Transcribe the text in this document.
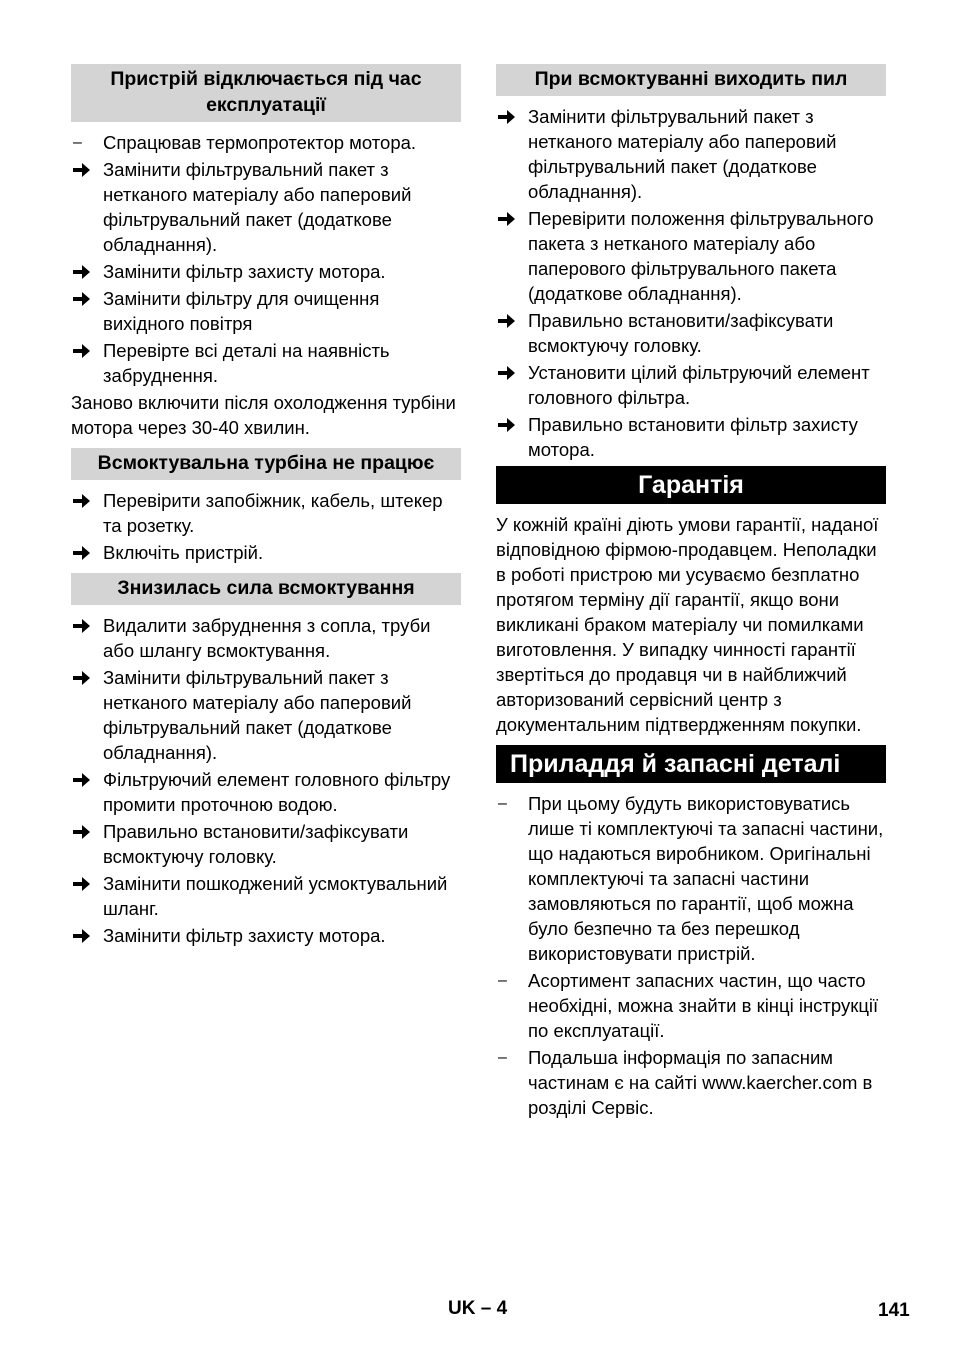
Пристрій відключається під час експлуатації
–	Спрацював термопротектор мотора.
Замінити фільтрувальний пакет з нетканого матеріалу або паперовий фільтрувальний пакет (додаткове обладнання).
Замінити фільтр захисту мотора.
Замінити фільтру для очищення вихідного повітря
Перевірте всі деталі на наявність забруднення.
Заново включити після охолодження турбіни мотора через 30-40 хвилин.
Всмоктувальна турбіна не працює
Перевірити запобіжник, кабель, штекер та розетку.
Включіть пристрій.
Знизилась сила всмоктування
Видалити забруднення з сопла, труби або шлангу всмоктування.
Замінити фільтрувальний пакет з нетканого матеріалу або паперовий фільтрувальний пакет (додаткове обладнання).
Фільтруючий елемент головного фільтру промити проточною водою.
Правильно встановити/зафіксувати всмоктуючу головку.
Замінити пошкоджений усмоктувальний шланг.
Замінити фільтр захисту мотора.
При всмоктуванні виходить пил
Замінити фільтрувальний пакет з нетканого матеріалу або паперовий фільтрувальний пакет (додаткове обладнання).
Перевірити положення фільтрувального пакета з нетканого матеріалу або паперового фільтрувального пакета (додаткове обладнання).
Правильно встановити/зафіксувати всмоктуючу головку.
Установити цілий фільтруючий елемент головного фільтра.
Правильно встановити фільтр захисту мотора.
Гарантія
У кожній країні діють умови гарантії, наданої відповідною фірмою-продавцем. Неполадки в роботі пристрою ми усуваємо безплатно протягом терміну дії гарантії, якщо вони викликані браком матеріалу чи помилками виготовлення. У випадку чинності гарантії звертіться до продавця чи в найближчий авторизований сервісний центр з документальним підтвердженням покупки.
Приладдя й запасні деталі
–	При цьому будуть використовуватись лише ті комплектуючі та запасні частини, що надаються виробником. Оригінальні комплектуючі та запасні частини замовляються по гарантії, щоб можна було безпечно та без перешкод використовувати пристрій.
–	Асортимент запасних частин, що часто необхідні, можна знайти в кінці інструкції по експлуатації.
–	Подальша інформація по запасним частинам є на сайті www.kaercher.com в розділі Сервіс.
UK – 4	141
